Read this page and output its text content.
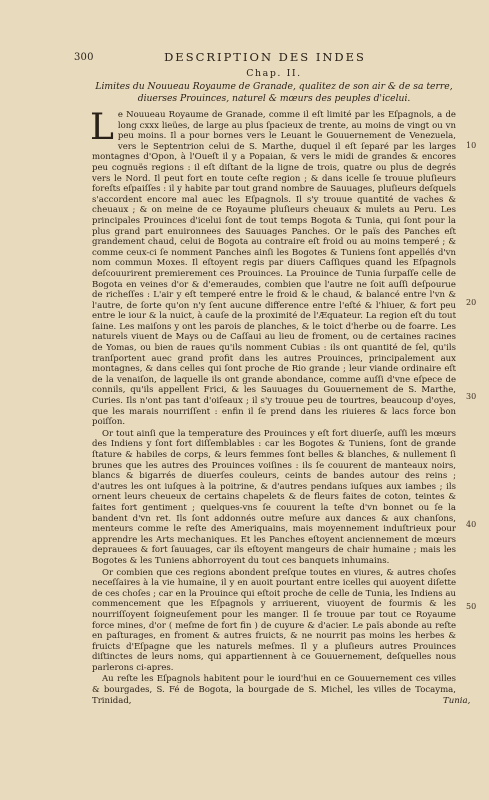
300	DESCRIPTION DES INDES
Chap. II.
Limites du Nouueau Royaume de Granade, qualitez de son air & de sa terre, diuerses Prouinces, naturel & mœurs des peuples d'icelui.

Le Nouueau Royaume de Granade, comme il eſt limité par les Eſpagnols, a de long cxxx lieües, de large au plus ſpacieux de trente, au moins de vingt ou vn peu moins. Il a pour bornes vers le Leuant le Gouuernement de Venezuela, vers le Septentrion celui de S. Marthe, duquel il eſt ſeparé par les larges montagnes d'Opon, à l'Oueſt il y a Popaian, & vers le midi de grandes & encores peu cognuës regions : il eſt diſtant de la ligne de trois, quatre ou plus de degrés vers le Nord. Il peut fort en toute ceſte region ; & dans icelle ſe trouue pluſieurs foreſts eſpaiſſes : il y habite par tout grand nombre de Sauuages, pluſieurs deſquels s'accordent encore mal auec les Eſpagnols. Il s'y trouue quantité de vaches & cheuaux ; & on meine de ce Royaume pluſieurs cheuaux & mulets au Peru. Les principales Prouinces d'icelui ſont de tout temps Bogota & Tunia, qui ſont pour la plus grand part enuironnees des Sauuages Panches. Or le païs des Panches eſt grandement chaud, celui de Bogota au contraire eſt froid ou au moins temperé ; & comme ceux-ci ſe nomment Panches ainſi les Bogotes & Tuniens ſont appellés d'vn nom commun Moxes. Il eſtoyent regis par diuers Caſſiques quand les Eſpagnols deſcouurirent premierement ces Prouinces. La Prouince de Tunia ſurpaſſe celle de Bogota en veines d'or & d'emeraudes, combien que l'autre ne ſoit auſſi deſpourue de richeſſes : L'air y eſt temperé entre le froid & le chaud, & balancé entre l'vn & l'autre, de ſorte qu'on n'y ſent aucune difference entre l'eſté & l'hiuer, & fort peu entre le iour & la nuict, à cauſe de la proximité de l'Æquateur. La region eſt du tout ſaine. Les maiſons y ont les parois de planches, & le toict d'herbe ou de foarre. Les naturels viuent de Mays ou de Caſſaui au lieu de froment, ou de certaines racines de Yomas, ou bien de raues qu'ils nomment Cubias : ils ont quantité de ſel, qu'ils tranſportent auec grand profit dans les autres Prouinces, principalement aux montagnes, & dans celles qui ſont proche de Rio grande ; leur viande ordinaire eſt de la venaiſon, de laquelle ils ont grande abondance, comme auſſi d'vne eſpece de connils, qu'ils appellent Frici, & les Sauuages du Gouuernement de S. Marthe, Curies. Ils n'ont pas tant d'oiſeaux ; il s'y trouue peu de tourtres, beaucoup d'oyes, que les marais nourriſſent : enfin il ſe prend dans les riuieres & lacs force bon poiſſon.

Or tout ainſi que la temperature des Prouinces y eſt fort diuerſe, auſſi les mœurs des Indiens y ſont fort diſſemblables : car les Bogotes & Tuniens, ſont de grande ſtature & habiles de corps, & leurs femmes ſont belles & blanches, & nullement ſi brunes que les autres des Prouinces voiſines : ils ſe couurent de manteaux noirs, blancs & bigarrés de diuerſes couleurs, ceints de bandes autour des reins ; d'autres les ont iuſques à la poitrine, & d'autres pendans iuſques aux iambes ; ils ornent leurs cheueux de certains chapelets & de fleurs faites de coton, teintes & faites fort gentiment ; quelques-vns ſe couurent la teſte d'vn bonnet ou ſe la bandent d'vn ret. Ils ſont addonnés outre meſure aux dances & aux chanſons, menteurs comme le reſte des Ameriquains, mais moyennement induſtrieux pour apprendre les Arts mechaniques. Et les Panches eſtoyent anciennement de mœurs deprauees & fort ſauuages, car ils eſtoyent mangeurs de chair humaine ; mais les Bogotes & les Tuniens abhorroyent du tout ces banquets inhumains.

Or combien que ces regions abondent preſque toutes en viures, & autres choſes neceſſaires à la vie humaine, il y en auoit pourtant entre icelles qui auoyent diſette de ces choſes ; car en la Prouince qui eſtoit proche de celle de Tunia, les Indiens au commencement que les Eſpagnols y arriuerent, viuoyent de fourmis & les nourriſſoyent ſoigneuſement pour les manger. Il ſe trouue par tout ce Royaume force mines, d'or ( meſme de fort fin ) de cuyure & d'acier. Le païs abonde au reſte en paſturages, en froment & autres fruicts, & ne nourrit pas moins les herbes & fruicts d'Eſpagne que les naturels meſmes. Il y a pluſieurs autres Prouinces diſtinctes de leurs noms, qui appartiennent à ce Gouuernement, deſquelles nous parlerons ci-apres.

Au reſte les Eſpagnols habitent pour le iourd'hui en ce Gouuernement ces villes & bourgades, S. Fé de Bogota, la bourgade de S. Michel, les villes de Tocayma, Trinidad,

10
20
30
40
50
Tunia,
